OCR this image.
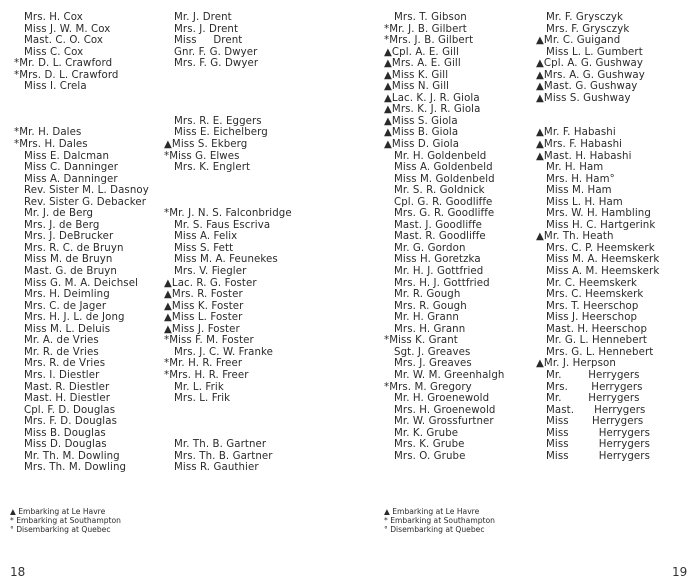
Mrs. H. Cox
Miss J. W. M. Cox
Mast. C. O. Cox
Miss C. Cox
*Mr. D. L. Crawford
*Mrs. D. L. Crawford
Miss I. Crela

*Mr. H. Dales
*Mrs. H. Dales
Miss E. Dalcman
Miss C. Danninger
Miss A. Danninger
Rev. Sister M. L. Dasnoy
Rev. Sister G. Debacker
Mr. J. de Berg
Mrs. J. de Berg
Mrs. J. DeBrucker
Mrs. R. C. de Bruyn
Miss M. de Bruyn
Mast. G. de Bruyn
Miss G. M. A. Deichsel
Mrs. H. Deimling
Mrs. C. de Jager
Mrs. H. J. L. de Jong
Miss M. L. Deluis
Mr. A. de Vries
Mr. R. de Vries
Mrs. R. de Vries
Mrs. I. Diestler
Mast. R. Diestler
Mast. H. Diestler
Cpl. F. D. Douglas
Mrs. F. D. Douglas
Miss B. Douglas
Miss D. Douglas
Mr. Th. M. Dowling
Mrs. Th. M. Dowling
Mr. J. Drent
Mrs. J. Drent
Miss     Drent
Gnr. F. G. Dwyer
Mrs. F. G. Dwyer

Mrs. R. E. Eggers
Miss E. Eichelberg
▲Miss S. Ekberg
*Miss G. Elwes
Mrs. K. Englert

*Mr. J. N. S. Falconbridge
Mr. S. Faus Escriva
Miss A. Felix
Miss S. Fett
Miss M. A. Feunekes
Mrs. V. Fiegler
▲Lac. R. G. Foster
▲Mrs. R. Foster
▲Miss K. Foster
▲Miss L. Foster
▲Miss J. Foster
*Miss F. M. Foster
Mrs. J. C. W. Franke
*Mr. H. R. Freer
*Mrs. H. R. Freer
Mr. L. Frik
Mrs. L. Frik

Mr. Th. B. Gartner
Mrs. Th. B. Gartner
Miss R. Gauthier
▲ Embarking at Le Havre
* Embarking at Southampton
° Disembarking at Quebec
18
Mrs. T. Gibson
*Mr. J. B. Gilbert
*Mrs. J. B. Gilbert
▲Cpl. A. E. Gill
▲Mrs. A. E. Gill
▲Miss K. Gill
▲Miss N. Gill
▲Lac. K. J. R. Giola
▲Mrs. K. J. R. Giola
▲Miss S. Giola
▲Miss B. Giola
▲Miss D. Giola
Mr. H. Goldenbeld
Miss A. Goldenbeld
Miss M. Goldenbeld
Mr. S. R. Goldnick
Cpl. G. R. Goodliffe
Mrs. G. R. Goodliffe
Mast. J. Goodliffe
Mast. R. Goodliffe
Mr. G. Gordon
Miss H. Goretzka
Mr. H. J. Gottfried
Mrs. H. J. Gottfried
Mr. R. Gough
Mrs. R. Gough
Mr. H. Grann
Mrs. H. Grann
*Miss K. Grant
Sgt. J. Greaves
Mrs. J. Greaves
Mr. W. M. Greenhalgh
*Mrs. M. Gregory
Mr. H. Groenewold
Mrs. H. Groenewold
Mr. W. Grossfurtner
Mr. K. Grube
Mrs. K. Grube
Mrs. O. Grube
Mr. F. Grysczyk
Mrs. F. Grysczyk
▲Mr. C. Guigand
Miss L. L. Gumbert
▲Cpl. A. G. Gushway
▲Mrs. A. G. Gushway
▲Mast. G. Gushway
▲Miss S. Gushway

▲Mr. F. Habashi
▲Mrs. F. Habashi
▲Mast. H. Habashi
Mr. H. Ham
Mrs. H. Ham°
Miss M. Ham
Miss L. H. Ham
Mrs. W. H. Hambling
Miss H. C. Hartgerink
▲Mr. Th. Heath
Mrs. C. P. Heemskerk
Miss M. A. Heemskerk
Miss A. M. Heemskerk
Mr. C. Heemskerk
Mrs. C. Heemskerk
Mrs. T. Heerschop
Miss J. Heerschop
Mast. H. Heerschop
Mr. G. L. Hennebert
Mrs. G. L. Hennebert
▲Mr. J. Herpson
Mr.        Herrygers
Mrs.       Herrygers
Mr.        Herrygers
Mast.      Herrygers
Miss       Herrygers
Miss         Herrygers
Miss         Herrygers
Miss         Herrygers
▲ Embarking at Le Havre
* Embarking at Southampton
° Disembarking at Quebec
19
